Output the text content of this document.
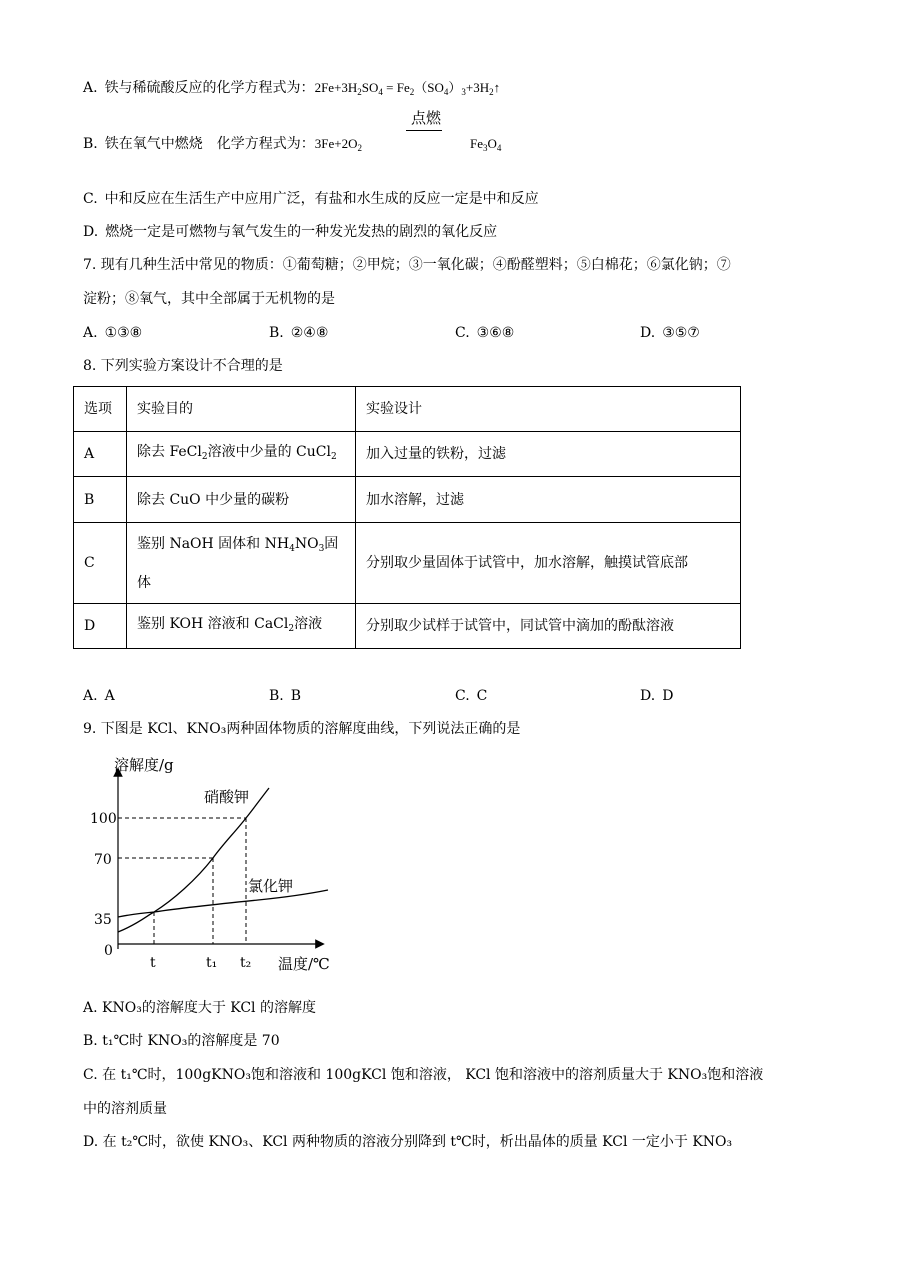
A.  铁与稀硫酸反应的化学方程式为：$2Fe+3H_2SO_4$ = $Fe_2(SO_4)_3+3H_2↑$
B.  铁在氧气中燃烧　化学方程式为：$3Fe+2O_2$
点燃
$Fe_3O_4$
C.  中和反应在生活生产中应用广泛，有盐和水生成的反应一定是中和反应
D.  燃烧一定是可燃物与氧气发生的一种发光发热的剧烈的氧化反应
7. 现有几种生活中常见的物质：①葡萄糖；②甲烷；③一氧化碳；④酚醛塑料；⑤白棉花；⑥氯化钠；⑦
淀粉；⑧氧气，其中全部属于无机物的是
A.  ①③⑧	B.  ②④⑧	C.  ③⑥⑧	D.  ③⑤⑦
8. 下列实验方案设计不合理的是
选项	实验目的	实验设计
A	除去 FeCl$_2$溶液中少量的 CuCl$_2$	加入过量的铁粉，过滤
B	除去 CuO 中少量的碳粉	加水溶解，过滤
C	鉴别 NaOH 固体和 $NH_4NO_3$固体	分别取少量固体于试管中，加水溶解，触摸试管底部
D	鉴别 KOH 溶液和 CaCl$_2$溶液	分别取少试样于试管中，同试管中滴加的酚酞溶液
A.  A	B.  B	C.  C	D.  D
9. 下图是 KCl、KNO₃两种固体物质的溶解度曲线，下列说法正确的是
溶解度/g
温度/℃
100
70
35
0
t	t₁ t₂
硝酸钾
氯化钾
A. KNO₃的溶解度大于 KCl 的溶解度
B. t₁℃时 KNO₃的溶解度是 70
C. 在 t₁℃时，100gKNO₃饱和溶液和 100gKCl 饱和溶液， KCl 饱和溶液中的溶剂质量大于 KNO₃饱和溶液
中的溶剂质量
D. 在 t₂℃时，欲使 KNO₃、KCl 两种物质的溶液分别降到 t℃时，析出晶体的质量 KCl 一定小于 KNO₃
